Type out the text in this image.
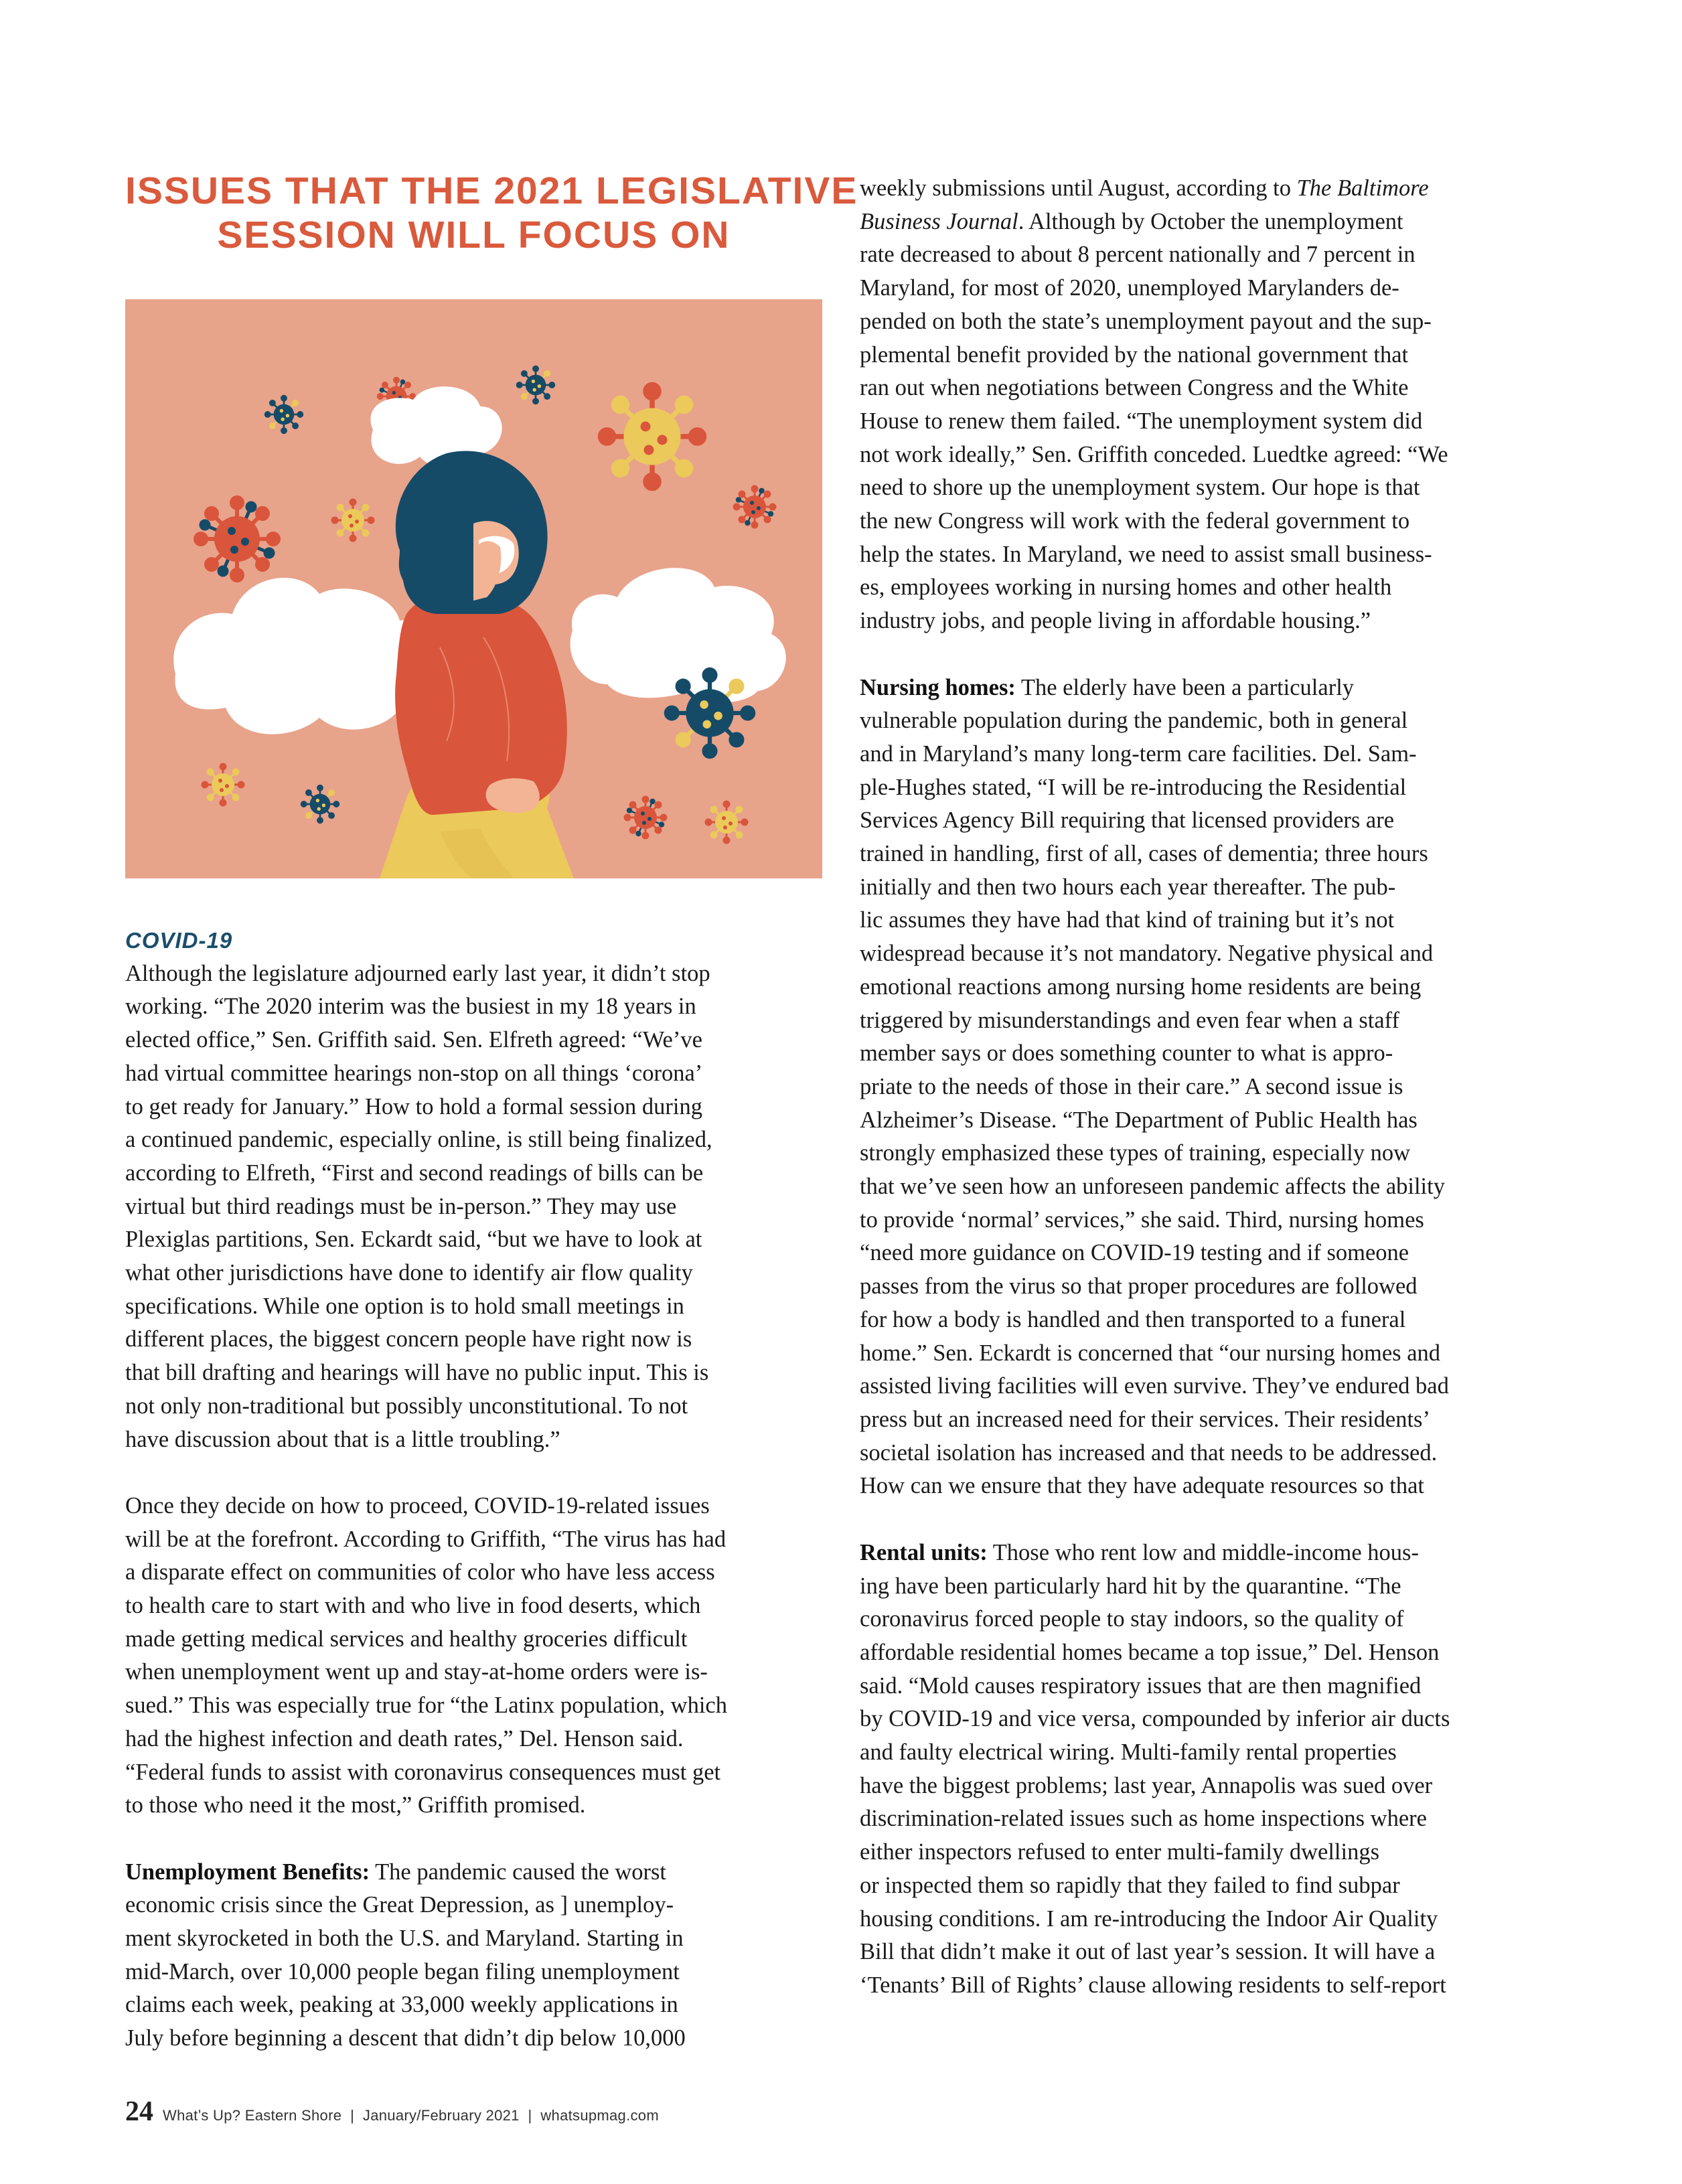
ISSUES THAT THE 2021 LEGISLATIVE
SESSION WILL FOCUS ON
COVID-19

Although the legislature adjourned early last year, it didn’t stop
working. “The 2020 interim was the busiest in my 18 years in
elected office,” Sen. Griffith said. Sen. Elfreth agreed: “We’ve
had virtual committee hearings non-stop on all things ‘corona’
to get ready for January.” How to hold a formal session during
a continued pandemic, especially online, is still being finalized,
according to Elfreth, “First and second readings of bills can be
virtual but third readings must be in-person.” They may use
Plexiglas partitions, Sen. Eckardt said, “but we have to look at
what other jurisdictions have done to identify air flow quality
specifications. While one option is to hold small meetings in
different places, the biggest concern people have right now is
that bill drafting and hearings will have no public input. This is
not only non-traditional but possibly unconstitutional. To not
have discussion about that is a little troubling.”

Once they decide on how to proceed, COVID-19-related issues
will be at the forefront. According to Griffith, “The virus has had
a disparate effect on communities of color who have less access
to health care to start with and who live in food deserts, which
made getting medical services and healthy groceries difficult
when unemployment went up and stay-at-home orders were is-
sued.” This was especially true for “the Latinx population, which
had the highest infection and death rates,” Del. Henson said.
“Federal funds to assist with coronavirus consequences must get
to those who need it the most,” Griffith promised.

Unemployment Benefits: The pandemic caused the worst
economic crisis since the Great Depression, as ] unemploy-
ment skyrocketed in both the U.S. and Maryland. Starting in
mid-March, over 10,000 people began filing unemployment
claims each week, peaking at 33,000 weekly applications in
July before beginning a descent that didn’t dip below 10,000

weekly submissions until August, according to The Baltimore
Business Journal. Although by October the unemployment
rate decreased to about 8 percent nationally and 7 percent in
Maryland, for most of 2020, unemployed Marylanders de-
pended on both the state’s unemployment payout and the sup-
plemental benefit provided by the national government that
ran out when negotiations between Congress and the White
House to renew them failed. “The unemployment system did
not work ideally,” Sen. Griffith conceded. Luedtke agreed: “We
need to shore up the unemployment system. Our hope is that
the new Congress will work with the federal government to
help the states. In Maryland, we need to assist small business-
es, employees working in nursing homes and other health
industry jobs, and people living in affordable housing.”

Nursing homes: The elderly have been a particularly
vulnerable population during the pandemic, both in general
and in Maryland’s many long-term care facilities. Del. Sam-
ple-Hughes stated, “I will be re-introducing the Residential
Services Agency Bill requiring that licensed providers are
trained in handling, first of all, cases of dementia; three hours
initially and then two hours each year thereafter. The pub-
lic assumes they have had that kind of training but it’s not
widespread because it’s not mandatory. Negative physical and
emotional reactions among nursing home residents are being
triggered by misunderstandings and even fear when a staff
member says or does something counter to what is appro-
priate to the needs of those in their care.” A second issue is
Alzheimer’s Disease. “The Department of Public Health has
strongly emphasized these types of training, especially now
that we’ve seen how an unforeseen pandemic affects the ability
to provide ‘normal’ services,” she said. Third, nursing homes
“need more guidance on COVID-19 testing and if someone
passes from the virus so that proper procedures are followed
for how a body is handled and then transported to a funeral
home.” Sen. Eckardt is concerned that “our nursing homes and
assisted living facilities will even survive. They’ve endured bad
press but an increased need for their services. Their residents’
societal isolation has increased and that needs to be addressed.
How can we ensure that they have adequate resources so that

Rental units: Those who rent low and middle-income hous-
ing have been particularly hard hit by the quarantine. “The
coronavirus forced people to stay indoors, so the quality of
affordable residential homes became a top issue,” Del. Henson
said. “Mold causes respiratory issues that are then magnified
by COVID-19 and vice versa, compounded by inferior air ducts
and faulty electrical wiring. Multi-family rental properties
have the biggest problems; last year, Annapolis was sued over
discrimination-related issues such as home inspections where
either inspectors refused to enter multi-family dwellings
or inspected them so rapidly that they failed to find subpar
housing conditions. I am re-introducing the Indoor Air Quality
Bill that didn’t make it out of last year’s session. It will have a
‘Tenants’ Bill of Rights’ clause allowing residents to self-report

24 What’s Up? Eastern Shore  |  January/February 2021  |  whatsupmag.com
